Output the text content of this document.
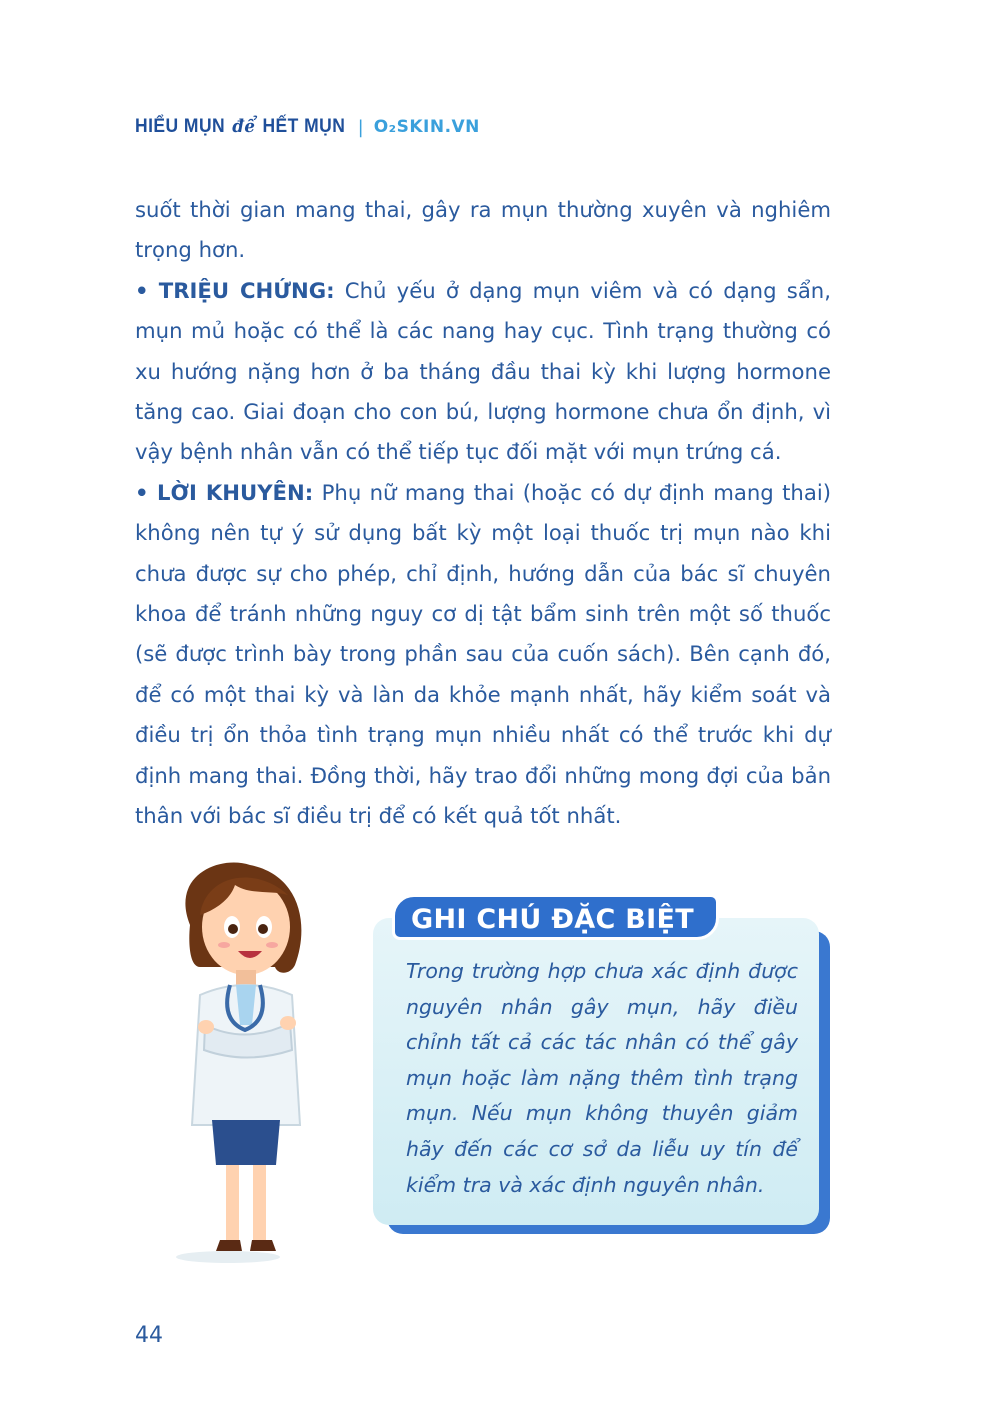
HIỂU MỤN để HẾT MỤN | O₂SKIN.VN

suốt thời gian mang thai, gây ra mụn thường xuyên và nghiêm trọng hơn.

• TRIỆU CHỨNG: Chủ yếu ở dạng mụn viêm và có dạng sẩn, mụn mủ hoặc có thể là các nang hay cục. Tình trạng thường có xu hướng nặng hơn ở ba tháng đầu thai kỳ khi lượng hormone tăng cao. Giai đoạn cho con bú, lượng hormone chưa ổn định, vì vậy bệnh nhân vẫn có thể tiếp tục đối mặt với mụn trứng cá.

• LỜI KHUYÊN: Phụ nữ mang thai (hoặc có dự định mang thai) không nên tự ý sử dụng bất kỳ một loại thuốc trị mụn nào khi chưa được sự cho phép, chỉ định, hướng dẫn của bác sĩ chuyên khoa để tránh những nguy cơ dị tật bẩm sinh trên một số thuốc (sẽ được trình bày trong phần sau của cuốn sách). Bên cạnh đó, để có một thai kỳ và làn da khỏe mạnh nhất, hãy kiểm soát và điều trị ổn thỏa tình trạng mụn nhiều nhất có thể trước khi dự định mang thai. Đồng thời, hãy trao đổi những mong đợi của bản thân với bác sĩ điều trị để có kết quả tốt nhất.

GHI CHÚ ĐẶC BIỆT
Trong trường hợp chưa xác định được nguyên nhân gây mụn, hãy điều chỉnh tất cả các tác nhân có thể gây mụn hoặc làm nặng thêm tình trạng mụn. Nếu mụn không thuyên giảm hãy đến các cơ sở da liễu uy tín để kiểm tra và xác định nguyên nhân.
44
